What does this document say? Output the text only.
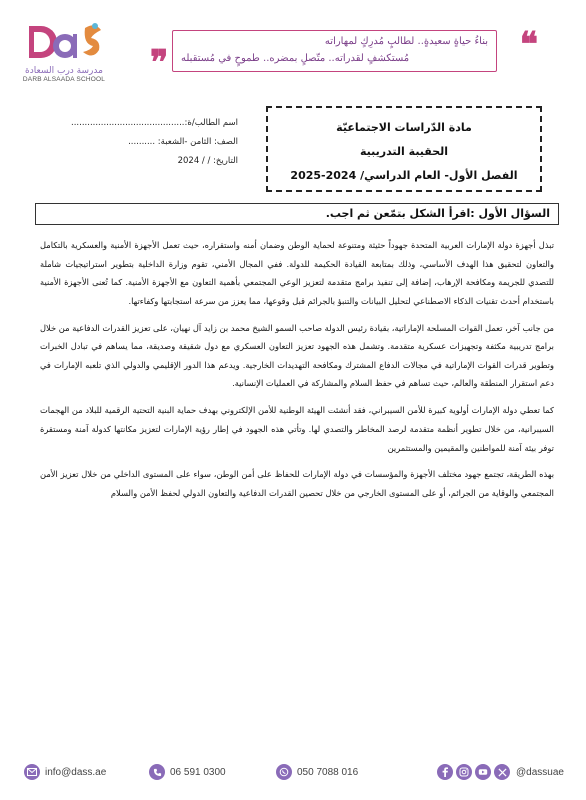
مدرسة درب السعادة
DARB ALSAADA SCHOOL
❝
بناءُ حياةٍ سعيدةٍ.. لطالبٍ مُدرِكٍ لمهاراته
مُستكشفٍ لقدراته.. متّصلٍ بمضره.. طموحٍ في مُستقبله
❞
اسم الطالب/ة:..........................................
الصف: الثامن -الشعبة: ..........
التاريخ: / / 2024
مادة الدّراسات الاجتماعيّة
الحقيبة التدريبية
الفصل الأول- العام الدراسي/ 2024-2025
السؤال الأول :اقرأ الشكل بتمّعن ثم اجب.

تبذل أجهزة دولة الإمارات العربية المتحدة جهوداً حثيثة ومتنوعة لحماية الوطن وضمان أمنه واستقراره، حيث تعمل الأجهزة الأمنية والعسكرية بالتكامل والتعاون لتحقيق هذا الهدف الأساسي، وذلك بمتابعة القيادة الحكيمة للدولة. ففي المجال الأمني، تقوم وزارة الداخلية بتطوير استراتيجيات شاملة للتصدي للجريمة ومكافحة الإرهاب، إضافة إلى تنفيذ برامج متقدمة لتعزيز الوعي المجتمعي بأهمية التعاون مع الأجهزة الأمنية. كما تُعنى الأجهزة الأمنية باستخدام أحدث تقنيات الذكاء الاصطناعي لتحليل البيانات والتنبؤ بالجرائم قبل وقوعها، مما يعزز من سرعة استجابتها وكفاءتها.

من جانب آخر، تعمل القوات المسلحة الإماراتية، بقيادة رئيس الدولة صاحب السمو الشيخ محمد بن زايد آل نهيان، على تعزيز القدرات الدفاعية من خلال برامج تدريبية مكثفة وتجهيزات عسكرية متقدمة. وتشمل هذه الجهود تعزيز التعاون العسكري مع دول شقيقة وصديقة، مما يساهم في تبادل الخبرات وتطوير قدرات القوات الإماراتية في مجالات الدفاع المشترك ومكافحة التهديدات الخارجية. ويدعم هذا الدور الإقليمي والدولي الذي تلعبه الإمارات في دعم استقرار المنطقة والعالم، حيث تساهم في حفظ السلام والمشاركة في العمليات الإنسانية.

كما تعطي دولة الإمارات أولوية كبيرة للأمن السيبراني، فقد أنشئت الهيئة الوطنية للأمن الإلكتروني بهدف حماية البنية التحتية الرقمية للبلاد من الهجمات السيبرانية، من خلال تطوير أنظمة متقدمة لرصد المخاطر والتصدي لها. وتأتي هذه الجهود في إطار رؤية الإمارات لتعزيز مكانتها كدولة آمنة ومستقرة توفر بيئة آمنة للمواطنين والمقيمين والمستثمرين

بهذه الطريقة، تجتمع جهود مختلف الأجهزة والمؤسسات في دولة الإمارات للحفاظ على أمن الوطن، سواء على المستوى الداخلي من خلال تعزيز الأمن المجتمعي والوقاية من الجرائم، أو على المستوى الخارجي من خلال تحصين القدرات الدفاعية والتعاون الدولي لحفظ الأمن والسلام

info@dass.ae	06 591 0300	050 7088 016	@dassuae
